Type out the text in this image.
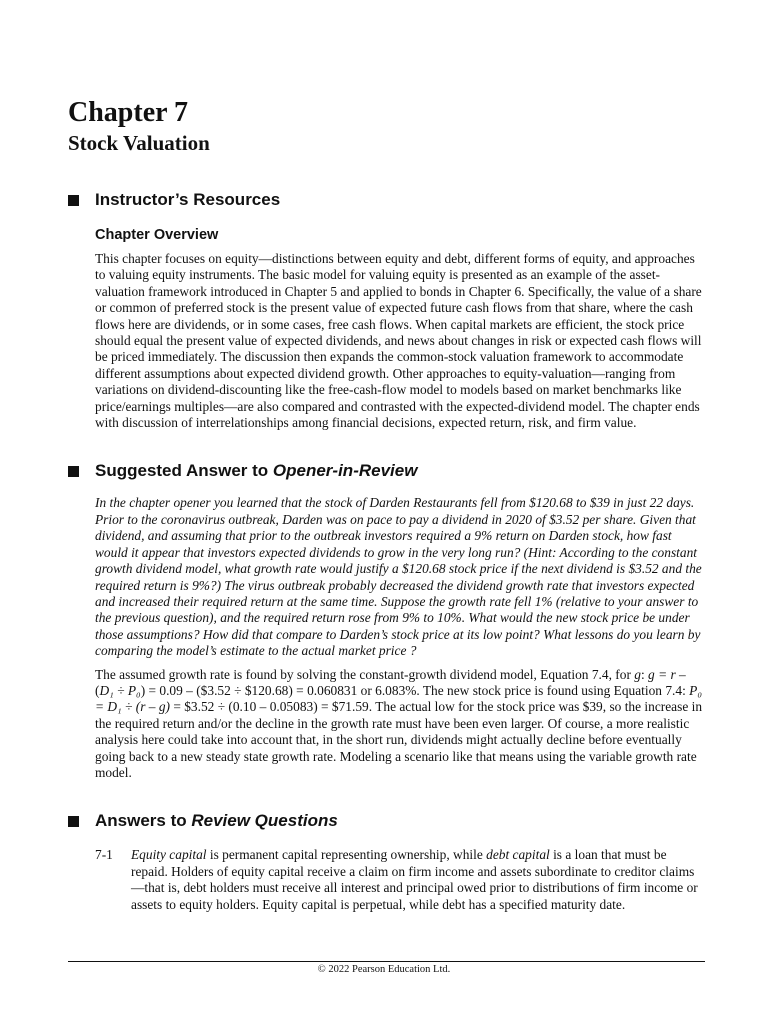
Chapter 7
Stock Valuation
Instructor’s Resources
Chapter Overview

This chapter focuses on equity—distinctions between equity and debt, different forms of equity, and approaches to valuing equity instruments. The basic model for valuing equity is presented as an example of the asset-valuation framework introduced in Chapter 5 and applied to bonds in Chapter 6. Specifically, the value of a share or common of preferred stock is the present value of expected future cash flows from that share, where the cash flows here are dividends, or in some cases, free cash flows. When capital markets are efficient, the stock price should equal the present value of expected dividends, and news about changes in risk or expected cash flows will be priced immediately. The discussion then expands the common-stock valuation framework to accommodate different assumptions about expected dividend growth. Other approaches to equity-valuation—ranging from variations on dividend-discounting like the free-cash-flow model to models based on market benchmarks like price/earnings multiples—are also compared and contrasted with the expected-dividend model. The chapter ends with discussion of interrelationships among financial decisions, expected return, risk, and firm value.

Suggested Answer to
Opener-in-Review

In the chapter opener you learned that the stock of Darden Restaurants fell from $120.68 to $39 in just 22 days. Prior to the coronavirus outbreak, Darden was on pace to pay a dividend in 2020 of $3.52 per share. Given that dividend, and assuming that prior to the outbreak investors required a 9% return on Darden stock, how fast would it appear that investors expected dividends to grow in the very long run? (Hint: According to the constant growth dividend model, what growth rate would justify a $120.68 stock price if the next dividend is $3.52 and the required return is 9%?) The virus outbreak probably decreased the dividend growth rate that investors expected and increased their required return at the same time. Suppose the growth rate fell 1% (relative to your answer to the previous question), and the required return rose from 9% to 10%. What would the new stock price be under those assumptions? How did that compare to Darden’s stock price at its low point? What lessons do you learn by comparing the model’s estimate to the actual market price ?

The assumed growth rate is found by solving the constant-growth dividend model, Equation 7.4, for g: g = r – (D₁ ÷ P₀) = 0.09 – ($3.52 ÷ $120.68) = 0.060831 or 6.083%. The new stock price is found using Equation 7.4: P₀ = D₁ ÷ (r – g) = $3.52 ÷ (0.10 – 0.05083) = $71.59. The actual low for the stock price was $39, so the increase in the required return and/or the decline in the growth rate must have been even larger. Of course, a more realistic analysis here could take into account that, in the short run, dividends might actually decline before eventually going back to a new steady state growth rate. Modeling a scenario like that means using the variable growth rate model.

Answers to
Review Questions
7-1 Equity capital is permanent capital representing ownership, while debt capital is a loan that must be repaid. Holders of equity capital receive a claim on firm income and assets subordinate to creditor claims—that is, debt holders must receive all interest and principal owed prior to distributions of firm income or assets to equity holders. Equity capital is perpetual, while debt has a specified maturity date.
© 2022 Pearson Education Ltd.
